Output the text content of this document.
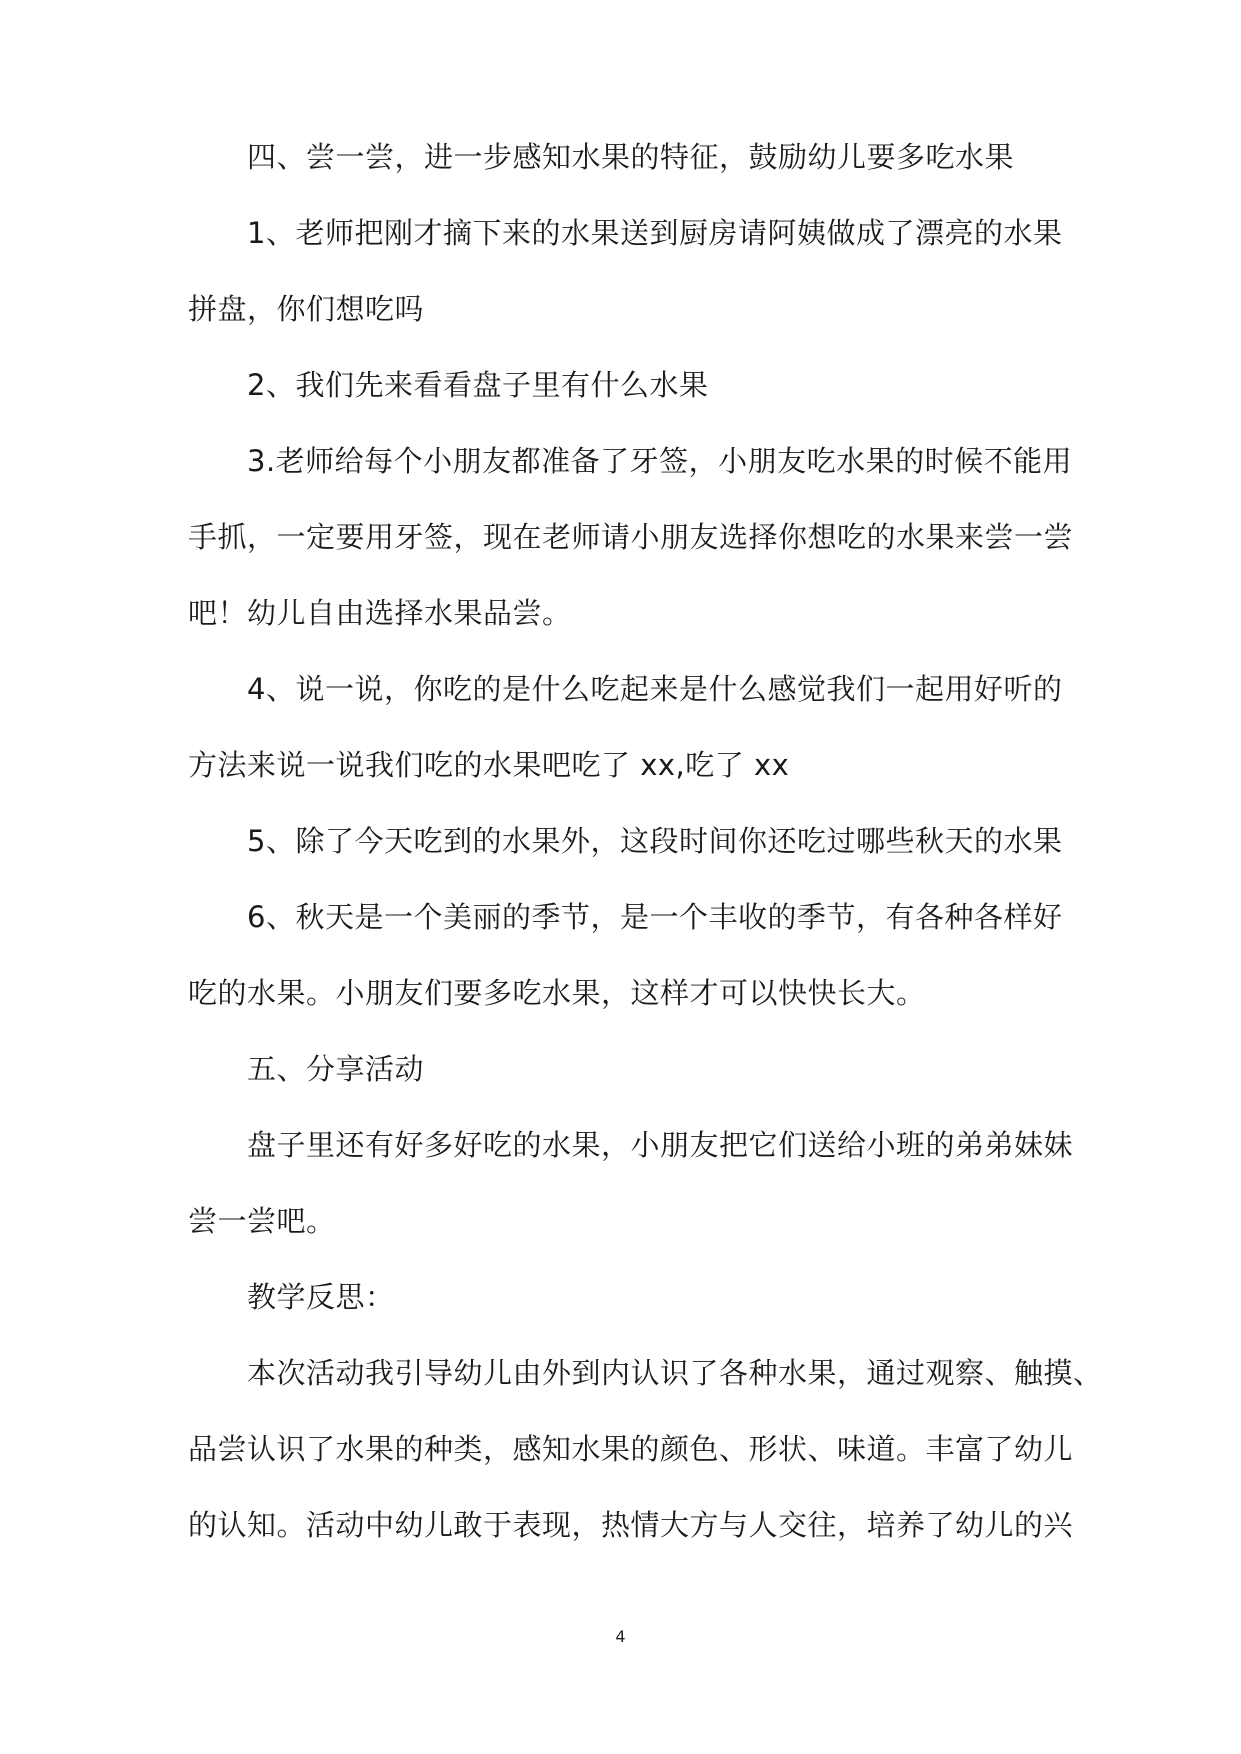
四、尝一尝，进一步感知水果的特征，鼓励幼儿要多吃水果
1、老师把刚才摘下来的水果送到厨房请阿姨做成了漂亮的水果
拼盘，你们想吃吗
2、我们先来看看盘子里有什么水果
3.老师给每个小朋友都准备了牙签，小朋友吃水果的时候不能用
手抓，一定要用牙签，现在老师请小朋友选择你想吃的水果来尝一尝
吧！幼儿自由选择水果品尝。
4、说一说，你吃的是什么吃起来是什么感觉我们一起用好听的
方法来说一说我们吃的水果吧吃了 xx,吃了 xx
5、除了今天吃到的水果外，这段时间你还吃过哪些秋天的水果
6、秋天是一个美丽的季节，是一个丰收的季节，有各种各样好
吃的水果。小朋友们要多吃水果，这样才可以快快长大。
五、分享活动
盘子里还有好多好吃的水果，小朋友把它们送给小班的弟弟妹妹
尝一尝吧。
教学反思：
本次活动我引导幼儿由外到内认识了各种水果，通过观察、触摸、
品尝认识了水果的种类，感知水果的颜色、形状、味道。丰富了幼儿
的认知。活动中幼儿敢于表现，热情大方与人交往，培养了幼儿的兴
4
